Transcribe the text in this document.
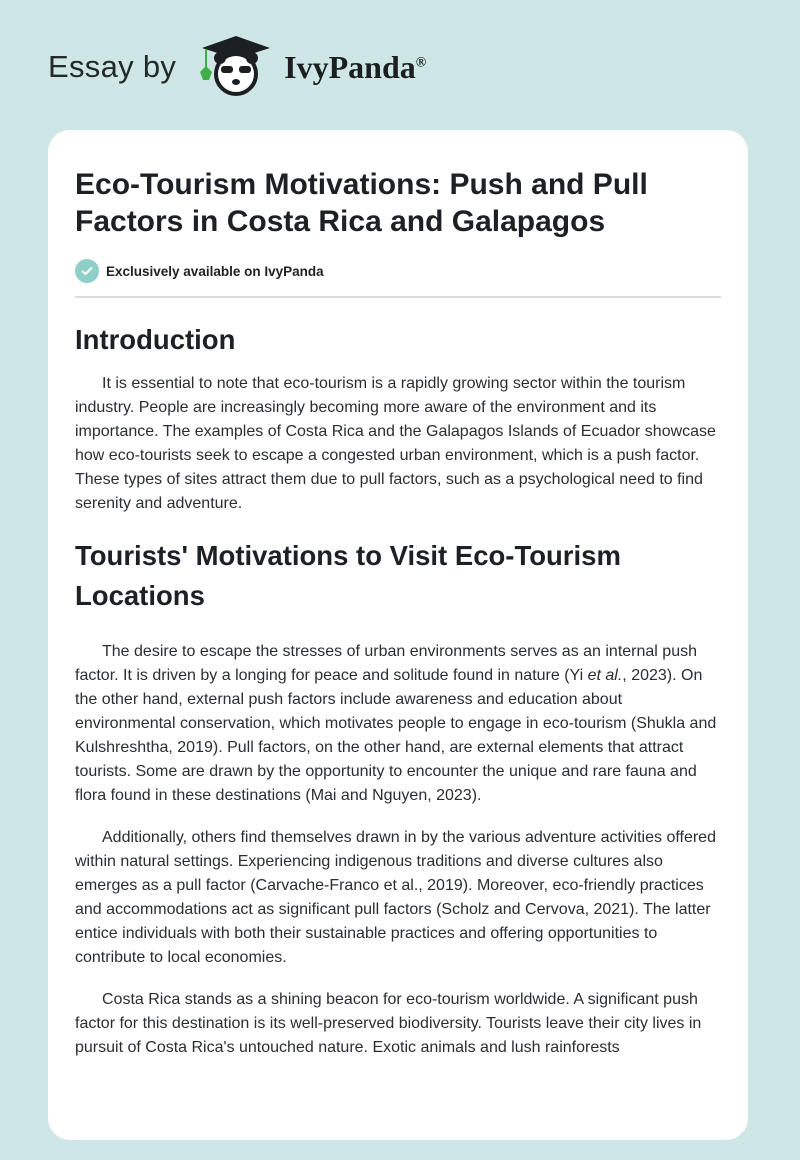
Essay by	IvyPanda®
Eco-Tourism Motivations: Push and Pull Factors in Costa Rica and Galapagos
Exclusively available on IvyPanda
Introduction

It is essential to note that eco-tourism is a rapidly growing sector within the tourism industry. People are increasingly becoming more aware of the environment and its importance. The examples of Costa Rica and the Galapagos Islands of Ecuador showcase how eco-tourists seek to escape a congested urban environment, which is a push factor. These types of sites attract them due to pull factors, such as a psychological need to find serenity and adventure.

Tourists' Motivations to Visit Eco-Tourism Locations

The desire to escape the stresses of urban environments serves as an internal push factor. It is driven by a longing for peace and solitude found in nature (Yi et al., 2023). On the other hand, external push factors include awareness and education about environmental conservation, which motivates people to engage in eco-tourism (Shukla and Kulshreshtha, 2019). Pull factors, on the other hand, are external elements that attract tourists. Some are drawn by the opportunity to encounter the unique and rare fauna and flora found in these destinations (Mai and Nguyen, 2023).

Additionally, others find themselves drawn in by the various adventure activities offered within natural settings. Experiencing indigenous traditions and diverse cultures also emerges as a pull factor (Carvache-Franco et al., 2019). Moreover, eco-friendly practices and accommodations act as significant pull factors (Scholz and Cervova, 2021). The latter entice individuals with both their sustainable practices and offering opportunities to contribute to local economies.

Costa Rica stands as a shining beacon for eco-tourism worldwide. A significant push factor for this destination is its well-preserved biodiversity. Tourists leave their city lives in pursuit of Costa Rica's untouched nature. Exotic animals and lush rainforests
